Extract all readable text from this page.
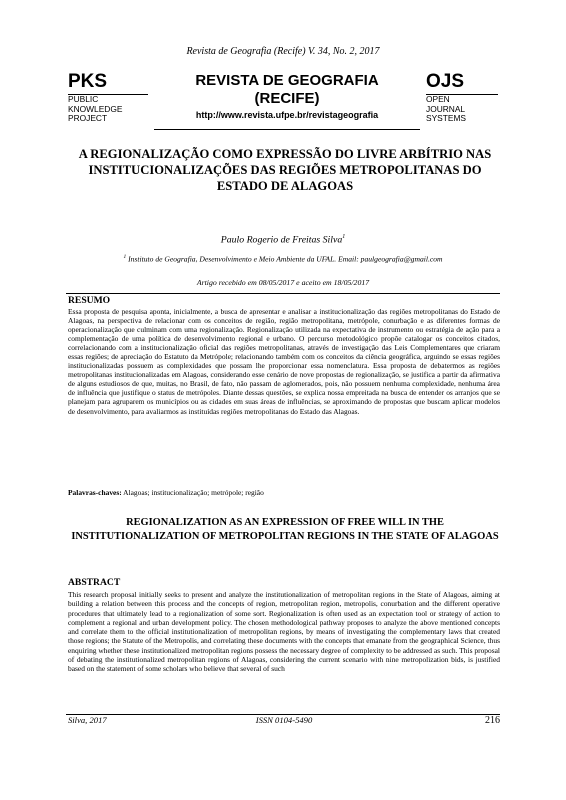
Revista de Geografia (Recife) V. 34, No. 2, 2017
PKS
PUBLIC
KNOWLEDGE
PROJECT
REVISTA DE GEOGRAFIA
(RECIFE)
http://www.revista.ufpe.br/revistageografia
OJS
OPEN
JOURNAL
SYSTEMS
A REGIONALIZAÇÃO COMO EXPRESSÃO DO LIVRE ARBÍTRIO NAS INSTITUCIONALIZAÇÕES DAS REGIÕES METROPOLITANAS DO ESTADO DE ALAGOAS
Paulo Rogerio de Freitas Silva$^1$
$^1$ Instituto de Geografia, Desenvolvimento e Meio Ambiente da UFAL. Email: paulgeografia@gmail.com
Artigo recebido em 08/05/2017 e aceito em 18/05/2017
RESUMO
Essa proposta de pesquisa aponta, inicialmente, a busca de apresentar e analisar a institucionalização das regiões metropolitanas do Estado de Alagoas, na perspectiva de relacionar com os conceitos de região, região metropolitana, metrópole, conurbação e as diferentes formas de operacionalização que culminam com uma regionalização. Regionalização utilizada na expectativa de instrumento ou estratégia de ação para a complementação de uma política de desenvolvimento regional e urbano. O percurso metodológico propõe catalogar os conceitos citados, correlacionando com a institucionalização oficial das regiões metropolitanas, através de investigação das Leis Complementares que criaram essas regiões; de apreciação do Estatuto da Metrópole; relacionando também com os conceitos da ciência geográfica, arguindo se essas regiões institucionalizadas possuem as complexidades que possam lhe proporcionar essa nomenclatura. Essa proposta de debatermos as regiões metropolitanas institucionalizadas em Alagoas, considerando esse cenário de nove propostas de regionalização, se justifica a partir da afirmativa de alguns estudiosos de que, muitas, no Brasil, de fato, não passam de aglomerados, pois, não possuem nenhuma complexidade, nenhuma área de influência que justifique o status de metrópoles. Diante dessas questões, se explica nossa empreitada na busca de entender os arranjos que se planejam para agruparem os municípios ou as cidades em suas áreas de influências, se aproximando de propostas que buscam aplicar modelos de desenvolvimento, para avaliarmos as instituídas regiões metropolitanas do Estado das Alagoas.
Palavras-chaves: Alagoas; institucionalização; metrópole; região
REGIONALIZATION AS AN EXPRESSION OF FREE WILL IN THE INSTITUTIONALIZATION OF METROPOLITAN REGIONS IN THE STATE OF ALAGOAS
ABSTRACT
This research proposal initially seeks to present and analyze the institutionalization of metropolitan regions in the State of Alagoas, aiming at building a relation between this process and the concepts of region, metropolitan region, metropolis, conurbation and the different operative procedures that ultimately lead to a regionalization of some sort. Regionalization is often used as an expectation tool or strategy of action to complement a regional and urban development policy. The chosen methodological pathway proposes to analyze the above mentioned concepts and correlate them to the official institutionalization of metropolitan regions, by means of investigating the complementary laws that created those regions; the Statute of the Metropolis, and correlating these documents with the concepts that emanate from the geographical Science, thus enquiring whether these institutionalized metropolitan regions possess the necessary degree of complexity to be addressed as such. This proposal of debating the institutionalized metropolitan regions of Alagoas, considering the current scenario with nine metropolization bids, is justified based on the statement of some scholars who believe that several of such
Silva, 2017	ISSN 0104-5490	216
